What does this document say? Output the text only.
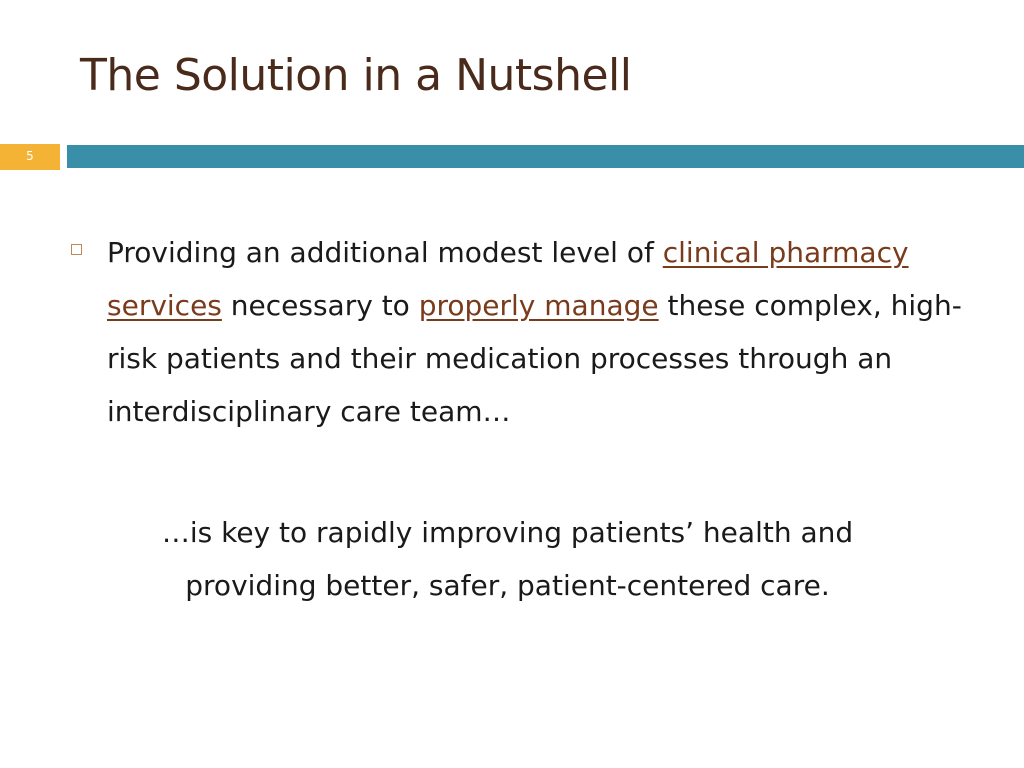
The Solution in a Nutshell
5
Providing an additional modest level of clinical pharmacy services necessary to properly manage these complex, high-risk patients and their medication processes through an interdisciplinary care team…
…is key to rapidly improving patients’ health and
providing better, safer, patient-centered care.
